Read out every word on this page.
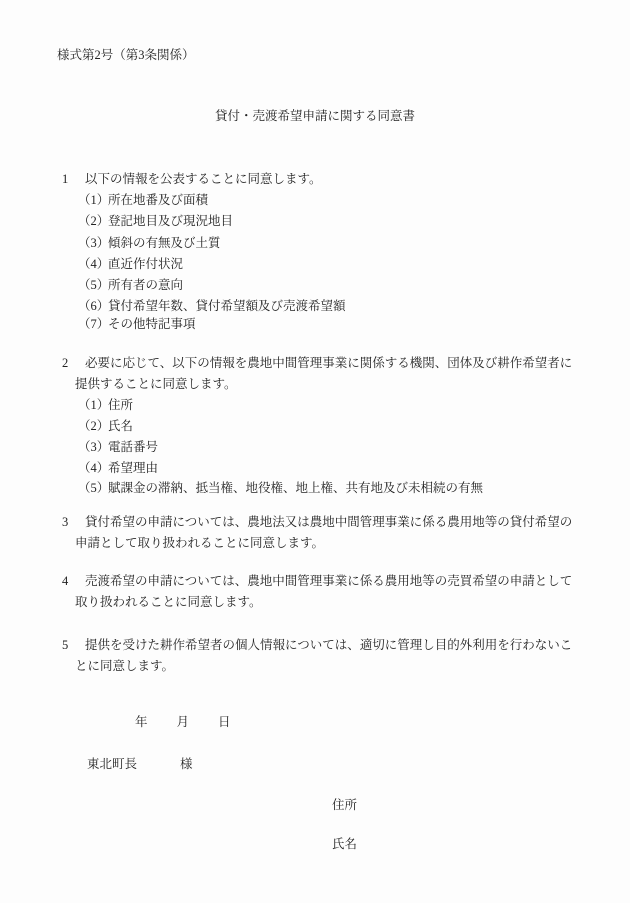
様式第2号（第3条関係）
貸付・売渡希望申請に関する同意書
1 以下の情報を公表することに同意します。
（1）所在地番及び面積
（2）登記地目及び現況地目
（3）傾斜の有無及び土質
（4）直近作付状況
（5）所有者の意向
（6）貸付希望年数、貸付希望額及び売渡希望額
（7）その他特記事項
2 必要に応じて、以下の情報を農地中間管理事業に関係する機関、団体及び耕作希望者に
提供することに同意します。
（1）住所
（2）氏名
（3）電話番号
（4）希望理由
（5）賦課金の滞納、抵当権、地役権、地上権、共有地及び未相続の有無
3 貸付希望の申請については、農地法又は農地中間管理事業に係る農用地等の貸付希望の
申請として取り扱われることに同意します。
4 売渡希望の申請については、農地中間管理事業に係る農用地等の売買希望の申請として
取り扱われることに同意します。
5 提供を受けた耕作希望者の個人情報については、適切に管理し目的外利用を行わないこ
とに同意します。
年 月 日
東北町長	様
住所
氏名
